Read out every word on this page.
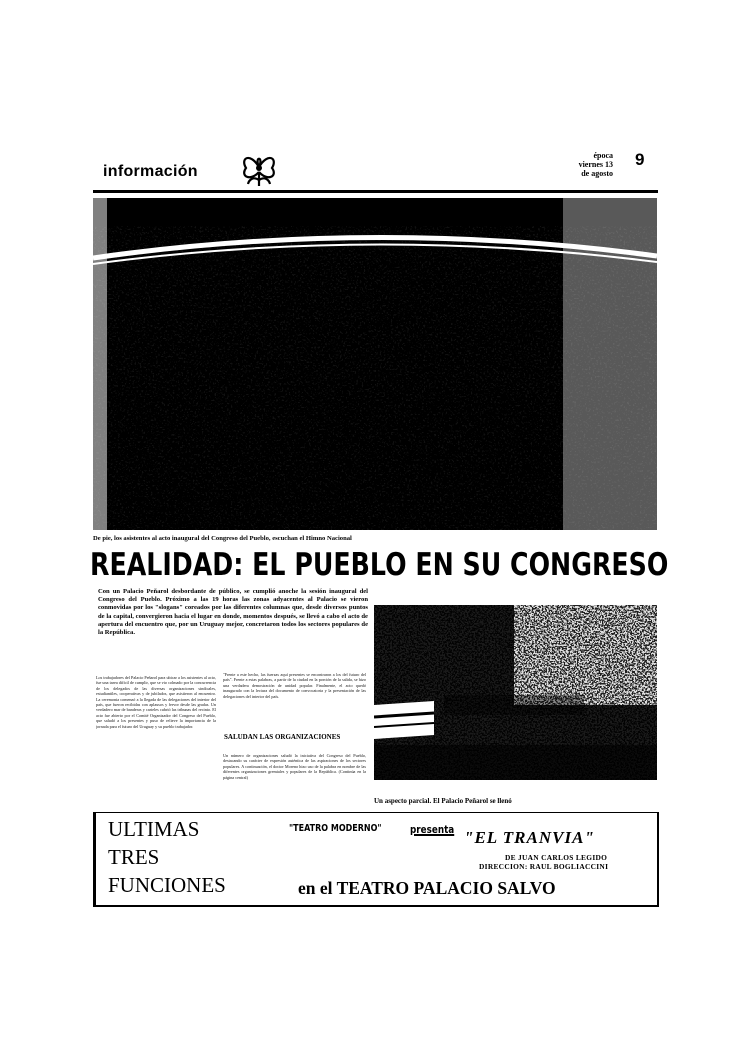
información
época
viernes 13
de agosto
9
De pie, los asistentes al acto inaugural del Congreso del Pueblo, escuchan el Himno Nacional
REALIDAD: EL PUEBLO EN SU CONGRESO
Con un Palacio Peñarol desbordante de público, se cumplió anoche la sesión inaugural del Congreso del Pueblo. Próximo a las 19 horas las zonas adyacentes al Palacio se vieron conmovidas por los "slogans" coreados por las diferentes columnas que, desde diversos puntos de la capital, convergieron hacia el lugar en donde, momentos después, se llevó a cabo el acto de apertura del encuentro que, por un Uruguay mejor, concretaron todos los sectores populares de la República.
Los trabajadores del Palacio Peñarol para ubicar a los asistentes al acto, fue una tarea difícil de cumplir, que se vio colmado por la concurrencia de los delegados de las diversas organizaciones sindicales, estudiantiles, cooperativas y de jubilados, que asistieron al encuentro. La ceremonia comenzó a la llegada de las delegaciones del interior del país, que fueron recibidas con aplausos y fervor desde las gradas. Un verdadero mar de banderas y carteles cubrió las tribunas del recinto. El acto fue abierto por el Comité Organizador del Congreso del Pueblo, que saludó a los presentes y puso de relieve la importancia de la jornada para el futuro del Uruguay y su pueblo trabajador.
"Frente a este hecho, las fuerzas aquí presentes se encontraron a los del futuro del país". Frente a estas palabras, a partir de la ciudad en la porción de la salida, se hizo una verdadera demostración de unidad popular. Finalmente, el acto quedó inaugurado con la lectura del documento de convocatoria y la presentación de las delegaciones del interior del país.
SALUDAN LAS ORGANIZACIONES
Un número de organizaciones saludó la iniciativa del Congreso del Pueblo, destacando su carácter de expresión auténtica de las aspiraciones de los sectores populares. A continuación, el doctor Moreno hizo uso de la palabra en nombre de las diferentes organizaciones gremiales y populares de la República. (Continúa en la página central)
Un aspecto parcial. El Palacio Peñarol se llenó
ULTIMAS
TRES
FUNCIONES
"TEATRO MODERNO"	presenta "EL TRANVIA"
DE JUAN CARLOS LEGIDO
DIRECCION: RAUL BOGLIACCINI
en el TEATRO PALACIO SALVO
